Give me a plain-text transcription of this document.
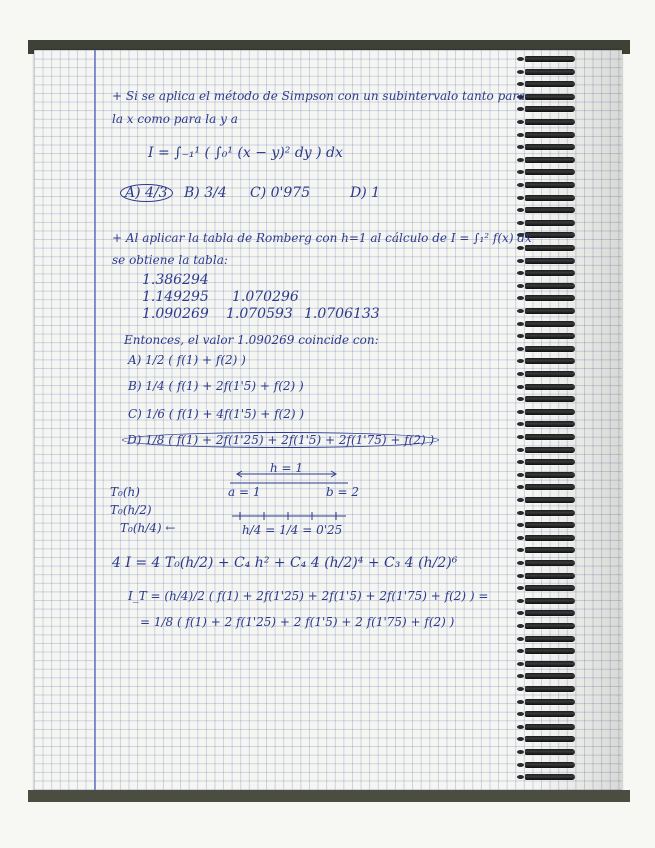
+ Si se aplica el método de Simpson con un subintervalo tanto para
la x como para la y a
I = ∫₋₁¹ ( ∫₀¹ (x − y)² dy ) dx
A) 4/3	B) 3/4 C) 0'975	D) 1
+ Al aplicar la tabla de Romberg con h=1 al cálculo de I = ∫₁² f(x) dx
se obtiene la tabla:
1.386294
1.149295 1.070296
1.090269 1.070593 1.0706133
Entonces, el valor 1.090269 coincide con:
A) 1/2 ( f(1) + f(2) )
B) 1/4 ( f(1) + 2f(1'5) + f(2) )
C) 1/6 ( f(1) + 4f(1'5) + f(2) )
D) 1/8 ( f(1) + 2f(1'25) + 2f(1'5) + 2f(1'75) + f(2) )
T₀(h)
T₀(h/2)
T₀(h/4) ←
h = 1
a = 1	b = 2
h/4 = 1/4 = 0'25
4 I = 4 T₀(h/2) + C₄ h² + C₄ 4 (h/2)⁴ + C₃ 4 (h/2)⁶
I_T = (h/4)/2 ( f(1) + 2f(1'25) + 2f(1'5) + 2f(1'75) + f(2) ) =
= 1/8 ( f(1) + 2 f(1'25) + 2 f(1'5) + 2 f(1'75) + f(2) )
